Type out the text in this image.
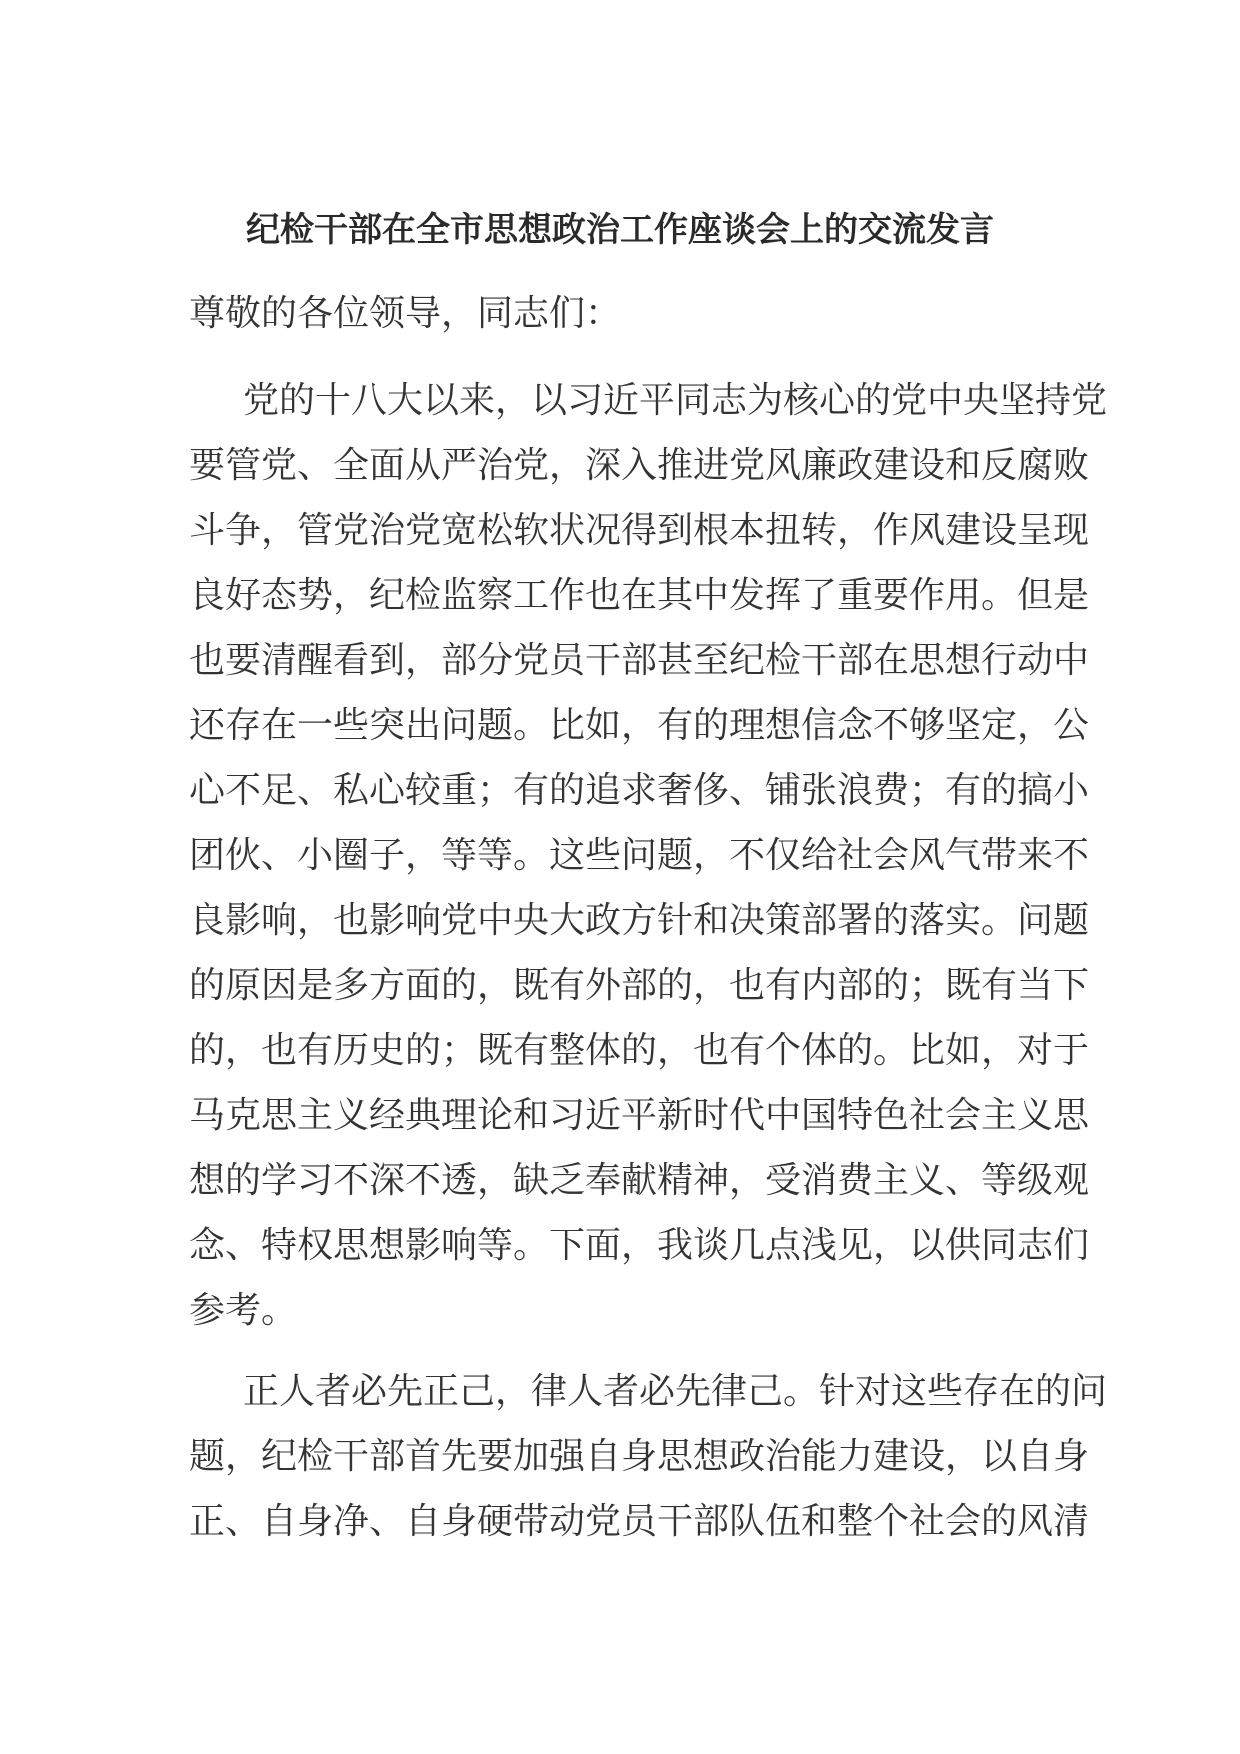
纪检干部在全市思想政治工作座谈会上的交流发言
尊敬的各位领导，同志们：
党的十八大以来，以习近平同志为核心的党中央坚持党
要管党、全面从严治党，深入推进党风廉政建设和反腐败
斗争，管党治党宽松软状况得到根本扭转，作风建设呈现
良好态势，纪检监察工作也在其中发挥了重要作用。但是
也要清醒看到，部分党员干部甚至纪检干部在思想行动中
还存在一些突出问题。比如，有的理想信念不够坚定，公
心不足、私心较重；有的追求奢侈、铺张浪费；有的搞小
团伙、小圈子，等等。这些问题，不仅给社会风气带来不
良影响，也影响党中央大政方针和决策部署的落实。问题
的原因是多方面的，既有外部的，也有内部的；既有当下
的，也有历史的；既有整体的，也有个体的。比如，对于
马克思主义经典理论和习近平新时代中国特色社会主义思
想的学习不深不透，缺乏奉献精神，受消费主义、等级观
念、特权思想影响等。下面，我谈几点浅见，以供同志们
参考。
正人者必先正己，律人者必先律己。针对这些存在的问
题，纪检干部首先要加强自身思想政治能力建设，以自身
正、自身净、自身硬带动党员干部队伍和整个社会的风清
